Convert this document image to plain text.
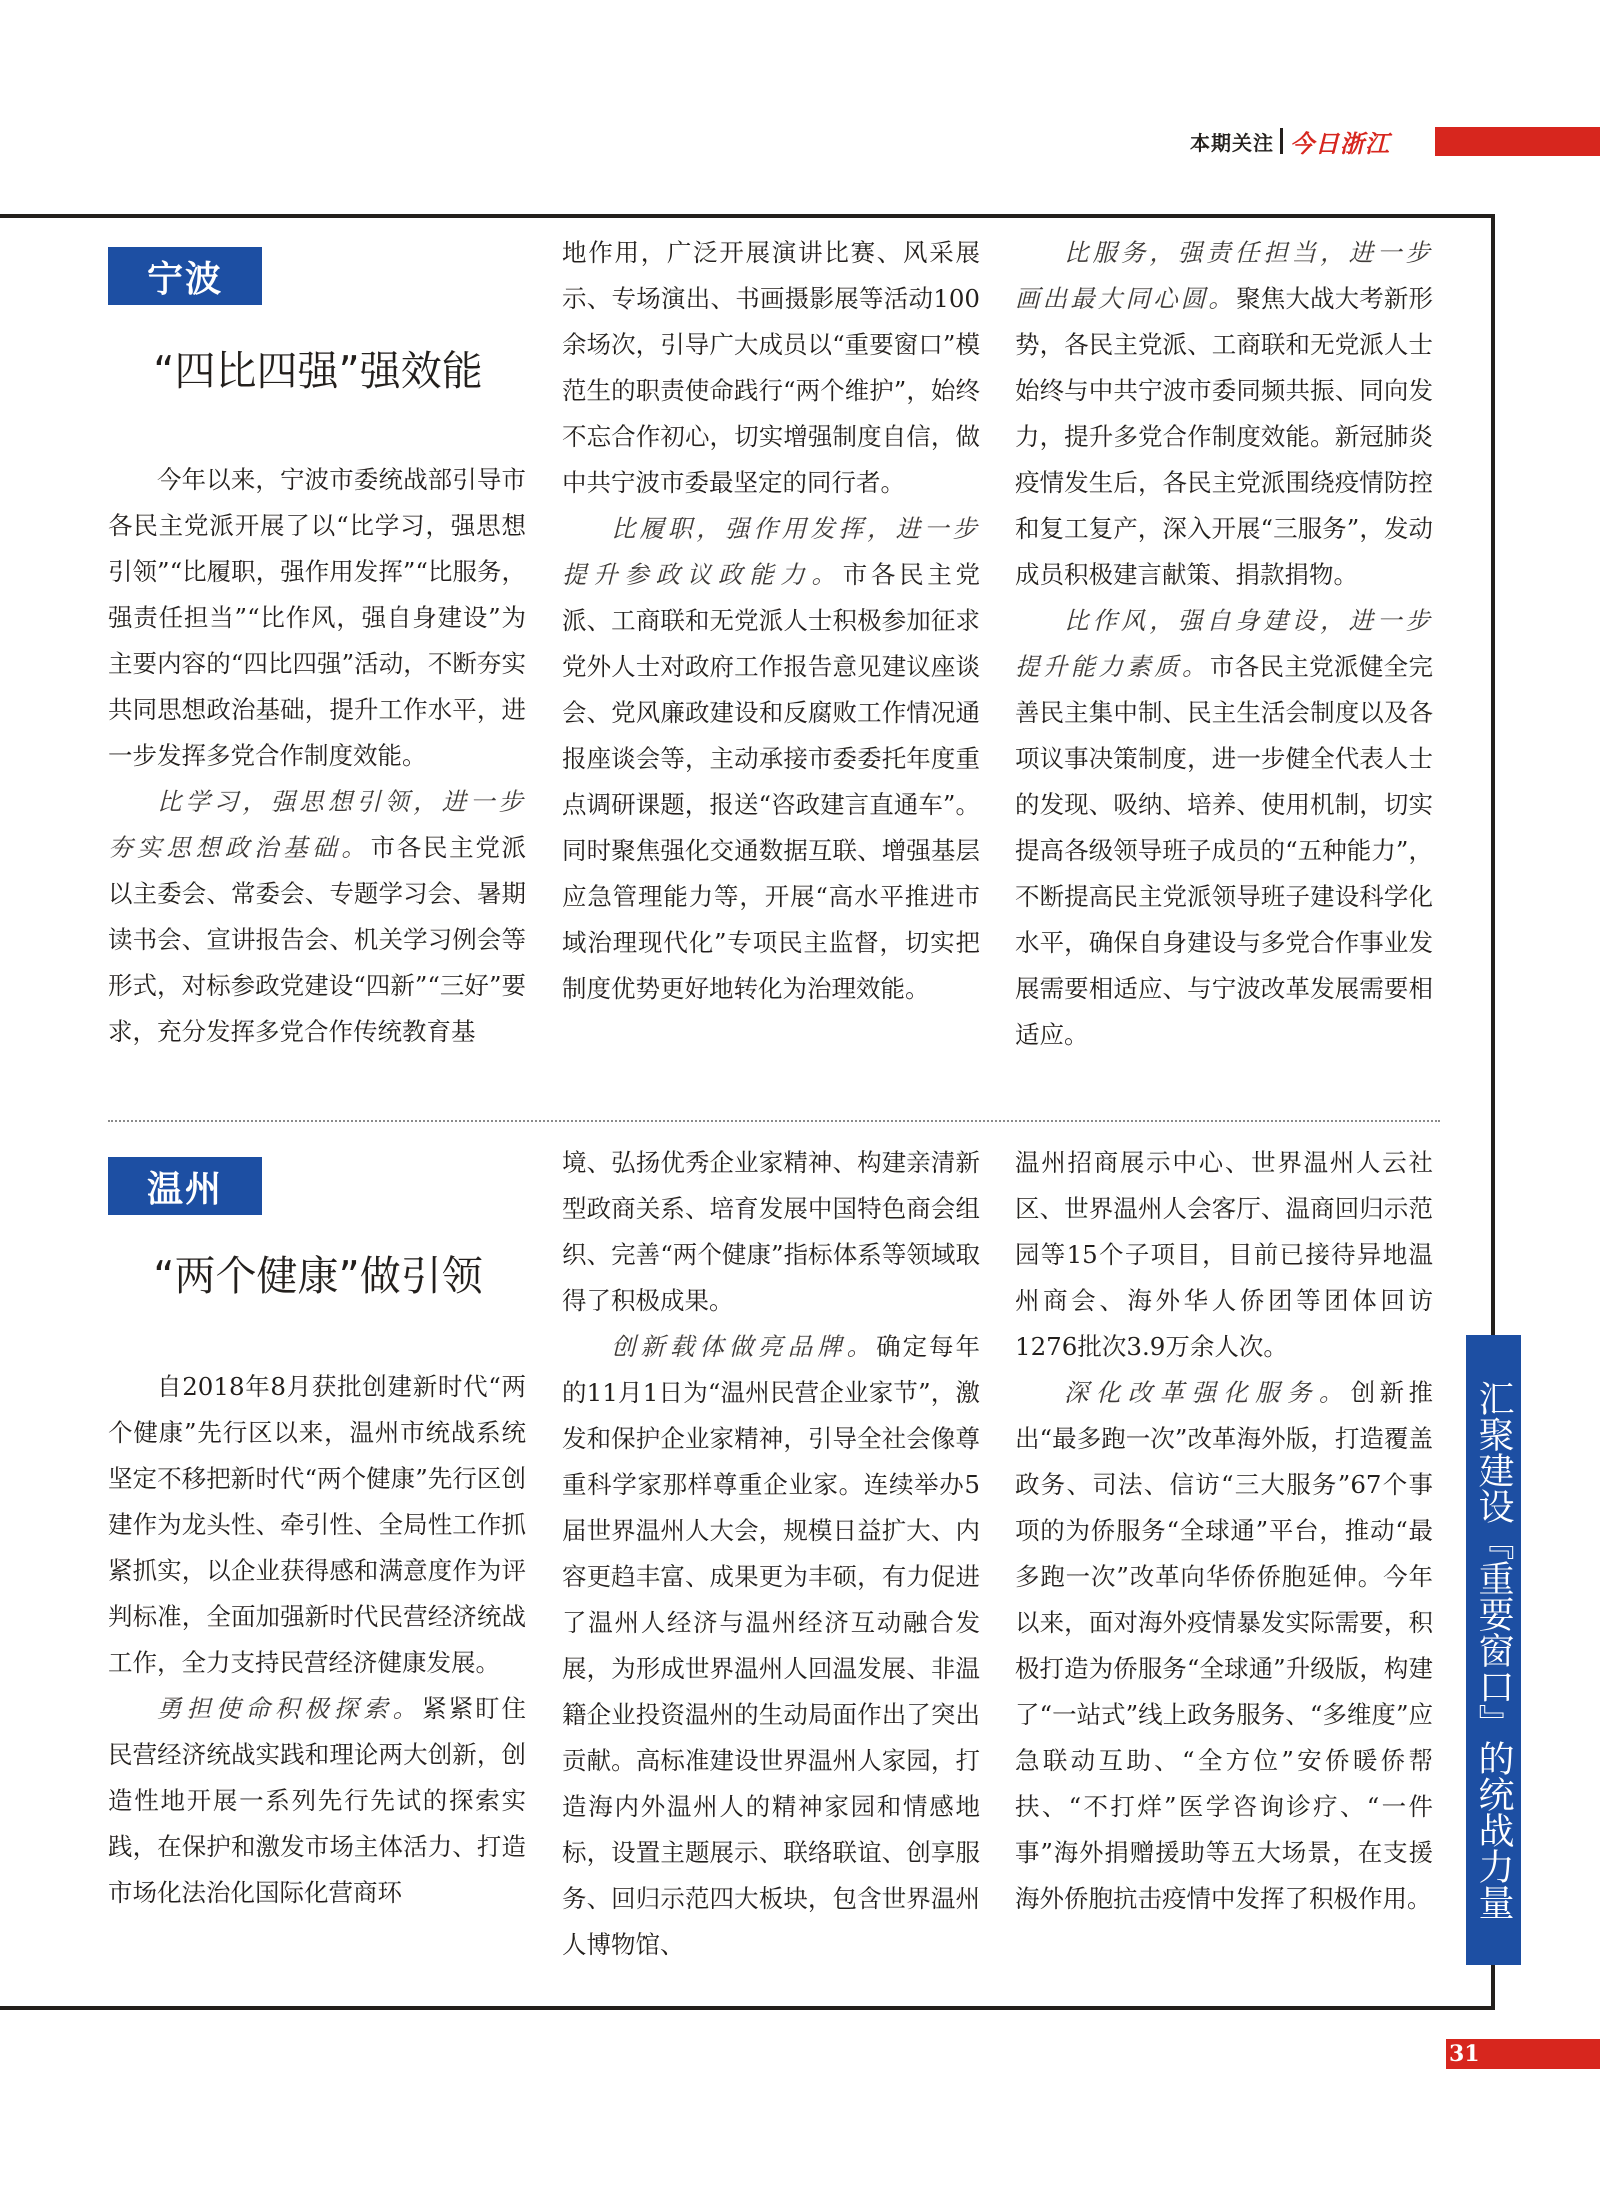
本期关注 今日浙江
宁波
“四比四强”强效能

今年以来，宁波市委统战部引导市各民主党派开展了以“比学习，强思想引领”“比履职，强作用发挥”“比服务，强责任担当”“比作风，强自身建设”为主要内容的“四比四强”活动，不断夯实共同思想政治基础，提升工作水平，进一步发挥多党合作制度效能。

比学习，强思想引领，进一步夯实思想政治基础。市各民主党派以主委会、常委会、专题学习会、暑期读书会、宣讲报告会、机关学习例会等形式，对标参政党建设“四新”“三好”要求，充分发挥多党合作传统教育基

地作用，广泛开展演讲比赛、风采展示、专场演出、书画摄影展等活动100余场次，引导广大成员以“重要窗口”模范生的职责使命践行“两个维护”，始终不忘合作初心，切实增强制度自信，做中共宁波市委最坚定的同行者。

比履职，强作用发挥，进一步提升参政议政能力。市各民主党派、工商联和无党派人士积极参加征求党外人士对政府工作报告意见建议座谈会、党风廉政建设和反腐败工作情况通报座谈会等，主动承接市委委托年度重点调研课题，报送“咨政建言直通车”。同时聚焦强化交通数据互联、增强基层应急管理能力等，开展“高水平推进市域治理现代化”专项民主监督，切实把制度优势更好地转化为治理效能。

比服务，强责任担当，进一步画出最大同心圆。聚焦大战大考新形势，各民主党派、工商联和无党派人士始终与中共宁波市委同频共振、同向发力，提升多党合作制度效能。新冠肺炎疫情发生后，各民主党派围绕疫情防控和复工复产，深入开展“三服务”，发动成员积极建言献策、捐款捐物。

比作风，强自身建设，进一步提升能力素质。市各民主党派健全完善民主集中制、民主生活会制度以及各项议事决策制度，进一步健全代表人士的发现、吸纳、培养、使用机制，切实提高各级领导班子成员的“五种能力”，不断提高民主党派领导班子建设科学化水平，确保自身建设与多党合作事业发展需要相适应、与宁波改革发展需要相适应。

温州
“两个健康”做引领

自2018年8月获批创建新时代“两个健康”先行区以来，温州市统战系统坚定不移把新时代“两个健康”先行区创建作为龙头性、牵引性、全局性工作抓紧抓实，以企业获得感和满意度作为评判标准，全面加强新时代民营经济统战工作，全力支持民营经济健康发展。

勇担使命积极探索。紧紧盯住民营经济统战实践和理论两大创新，创造性地开展一系列先行先试的探索实践，在保护和激发市场主体活力、打造市场化法治化国际化营商环

境、弘扬优秀企业家精神、构建亲清新型政商关系、培育发展中国特色商会组织、完善“两个健康”指标体系等领域取得了积极成果。

创新载体做亮品牌。确定每年的11月1日为“温州民营企业家节”，激发和保护企业家精神，引导全社会像尊重科学家那样尊重企业家。连续举办5届世界温州人大会，规模日益扩大、内容更趋丰富、成果更为丰硕，有力促进了温州人经济与温州经济互动融合发展，为形成世界温州人回温发展、非温籍企业投资温州的生动局面作出了突出贡献。高标准建设世界温州人家园，打造海内外温州人的精神家园和情感地标，设置主题展示、联络联谊、创享服务、回归示范四大板块，包含世界温州人博物馆、

温州招商展示中心、世界温州人云社区、世界温州人会客厅、温商回归示范园等15个子项目，目前已接待异地温州商会、海外华人侨团等团体回访1276批次3.9万余人次。

深化改革强化服务。创新推出“最多跑一次”改革海外版，打造覆盖政务、司法、信访“三大服务”67个事项的为侨服务“全球通”平台，推动“最多跑一次”改革向华侨侨胞延伸。今年以来，面对海外疫情暴发实际需要，积极打造为侨服务“全球通”升级版，构建了“一站式”线上政务服务、“多维度”应急联动互助、“全方位”安侨暖侨帮扶、“不打烊”医学咨询诊疗、“一件事”海外捐赠援助等五大场景，在支援海外侨胞抗击疫情中发挥了积极作用。 汇聚建设『重要窗口』的统战力量
31
